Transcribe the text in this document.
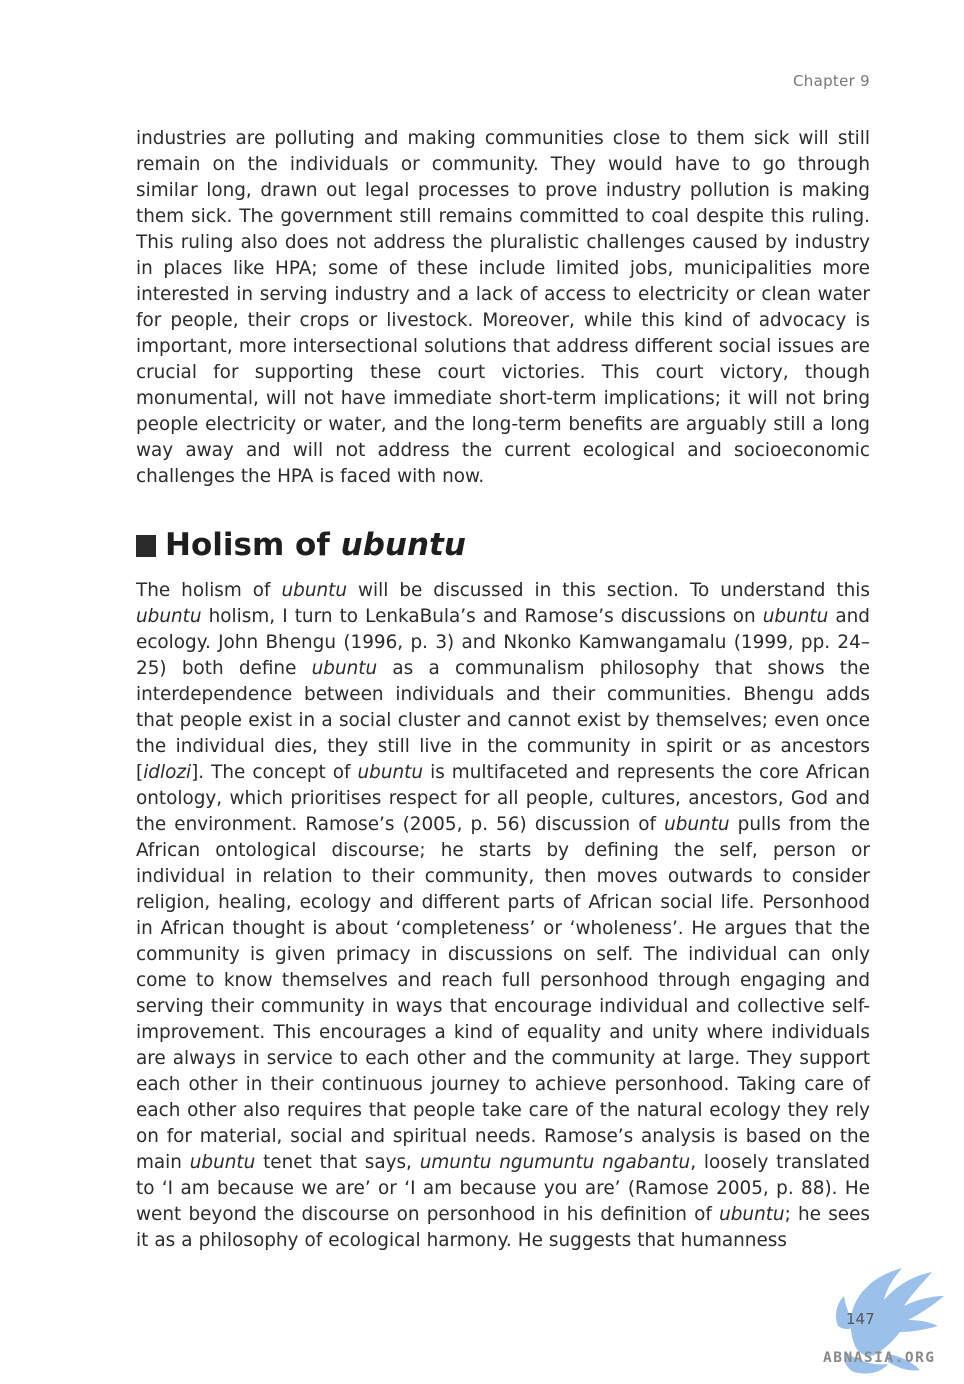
Chapter 9

industries are polluting and making communities close to them sick will still remain on the individuals or community. They would have to go through similar long, drawn out legal processes to prove industry pollution is making them sick. The government still remains committed to coal despite this ruling. This ruling also does not address the pluralistic challenges caused by industry in places like HPA; some of these include limited jobs, municipalities more interested in serving industry and a lack of access to electricity or clean water for people, their crops or livestock. Moreover, while this kind of advocacy is important, more intersectional solutions that address different social issues are crucial for supporting these court victories. This court victory, though monumental, will not have immediate short-term implications; it will not bring people electricity or water, and the long-term benefits are arguably still a long way away and will not address the current ecological and socioeconomic challenges the HPA is faced with now.

Holism of ubuntu

The holism of ubuntu will be discussed in this section. To understand this ubuntu holism, I turn to LenkaBula’s and Ramose’s discussions on ubuntu and ecology. John Bhengu (1996, p. 3) and Nkonko Kamwangamalu (1999, pp. 24–25) both define ubuntu as a communalism philosophy that shows the interdependence between individuals and their communities. Bhengu adds that people exist in a social cluster and cannot exist by themselves; even once the individual dies, they still live in the community in spirit or as ancestors [idlozi]. The concept of ubuntu is multifaceted and represents the core African ontology, which prioritises respect for all people, cultures, ancestors, God and the environment. Ramose’s (2005, p. 56) discussion of ubuntu pulls from the African ontological discourse; he starts by defining the self, person or individual in relation to their community, then moves outwards to consider religion, healing, ecology and different parts of African social life. Personhood in African thought is about ‘completeness’ or ‘wholeness’. He argues that the community is given primacy in discussions on self. The individual can only come to know themselves and reach full personhood through engaging and serving their community in ways that encourage individual and collective self-improvement. This encourages a kind of equality and unity where individuals are always in service to each other and the community at large. They support each other in their continuous journey to achieve personhood. Taking care of each other also requires that people take care of the natural ecology they rely on for material, social and spiritual needs. Ramose’s analysis is based on the main ubuntu tenet that says, umuntu ngumuntu ngabantu, loosely translated to ‘I am because we are’ or ‘I am because you are’ (Ramose 2005, p. 88). He went beyond the discourse on personhood in his definition of ubuntu; he sees it as a philosophy of ecological harmony. He suggests that humanness

147
ABNASIA.ORG
